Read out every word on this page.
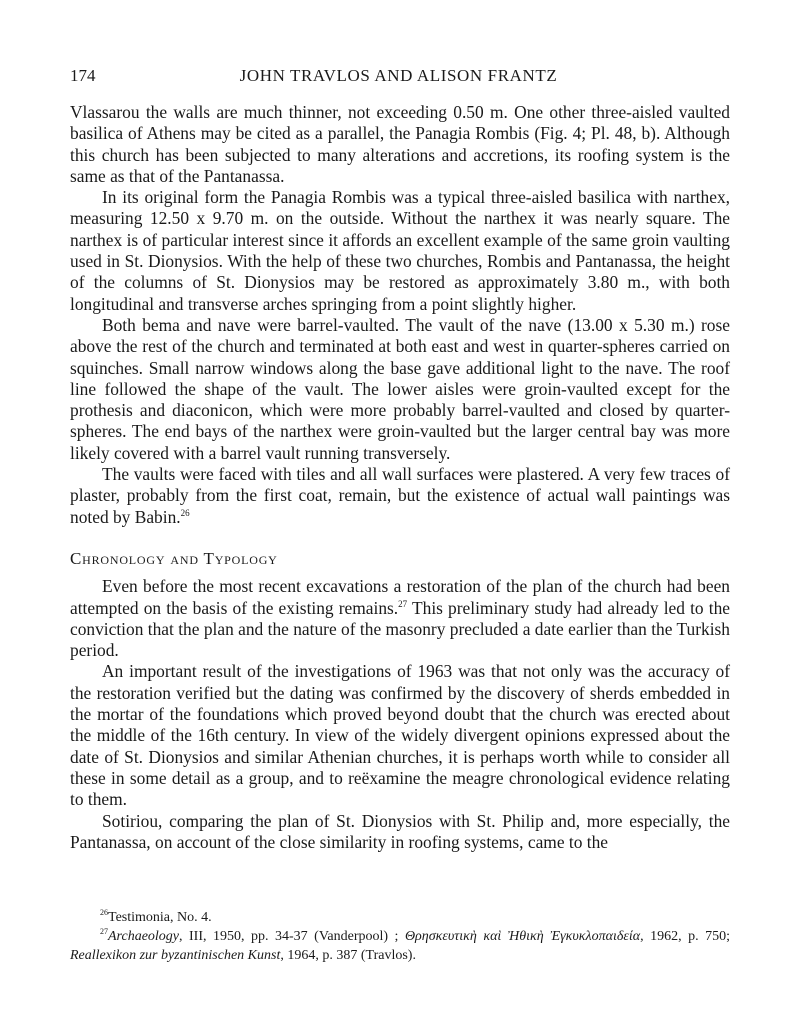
174	JOHN TRAVLOS AND ALISON FRANTZ

Vlassarou the walls are much thinner, not exceeding 0.50 m. One other three-aisled vaulted basilica of Athens may be cited as a parallel, the Panagia Rombis (Fig. 4; Pl. 48, b). Although this church has been subjected to many alterations and accretions, its roofing system is the same as that of the Pantanassa.

In its original form the Panagia Rombis was a typical three-aisled basilica with narthex, measuring 12.50 x 9.70 m. on the outside. Without the narthex it was nearly square. The narthex is of particular interest since it affords an excellent example of the same groin vaulting used in St. Dionysios. With the help of these two churches, Rombis and Pantanassa, the height of the columns of St. Dionysios may be restored as approximately 3.80 m., with both longitudinal and transverse arches springing from a point slightly higher.

Both bema and nave were barrel-vaulted. The vault of the nave (13.00 x 5.30 m.) rose above the rest of the church and terminated at both east and west in quarter-spheres carried on squinches. Small narrow windows along the base gave additional light to the nave. The roof line followed the shape of the vault. The lower aisles were groin-vaulted except for the prothesis and diaconicon, which were more probably barrel-vaulted and closed by quarter-spheres. The end bays of the narthex were groin-vaulted but the larger central bay was more likely covered with a barrel vault running transversely.

The vaults were faced with tiles and all wall surfaces were plastered. A very few traces of plaster, probably from the first coat, remain, but the existence of actual wall paintings was noted by Babin.$^{26}$

Chronology and Typology

Even before the most recent excavations a restoration of the plan of the church had been attempted on the basis of the existing remains.$^{27}$ This preliminary study had already led to the conviction that the plan and the nature of the masonry precluded a date earlier than the Turkish period.

An important result of the investigations of 1963 was that not only was the accuracy of the restoration verified but the dating was confirmed by the discovery of sherds embedded in the mortar of the foundations which proved beyond doubt that the church was erected about the middle of the 16th century. In view of the widely divergent opinions expressed about the date of St. Dionysios and similar Athenian churches, it is perhaps worth while to consider all these in some detail as a group, and to reëxamine the meagre chronological evidence relating to them.

Sotiriou, comparing the plan of St. Dionysios with St. Philip and, more especially, the Pantanassa, on account of the close similarity in roofing systems, came to the

$^{26}$Testimonia, No. 4.

$^{27}$Archaeology, III, 1950, pp. 34-37 (Vanderpool) ; Θρησκευτικὴ καὶ Ἠθικὴ Ἐγκυκλοπαιδεία, 1962, p. 750; Reallexikon zur byzantinischen Kunst, 1964, p. 387 (Travlos).
